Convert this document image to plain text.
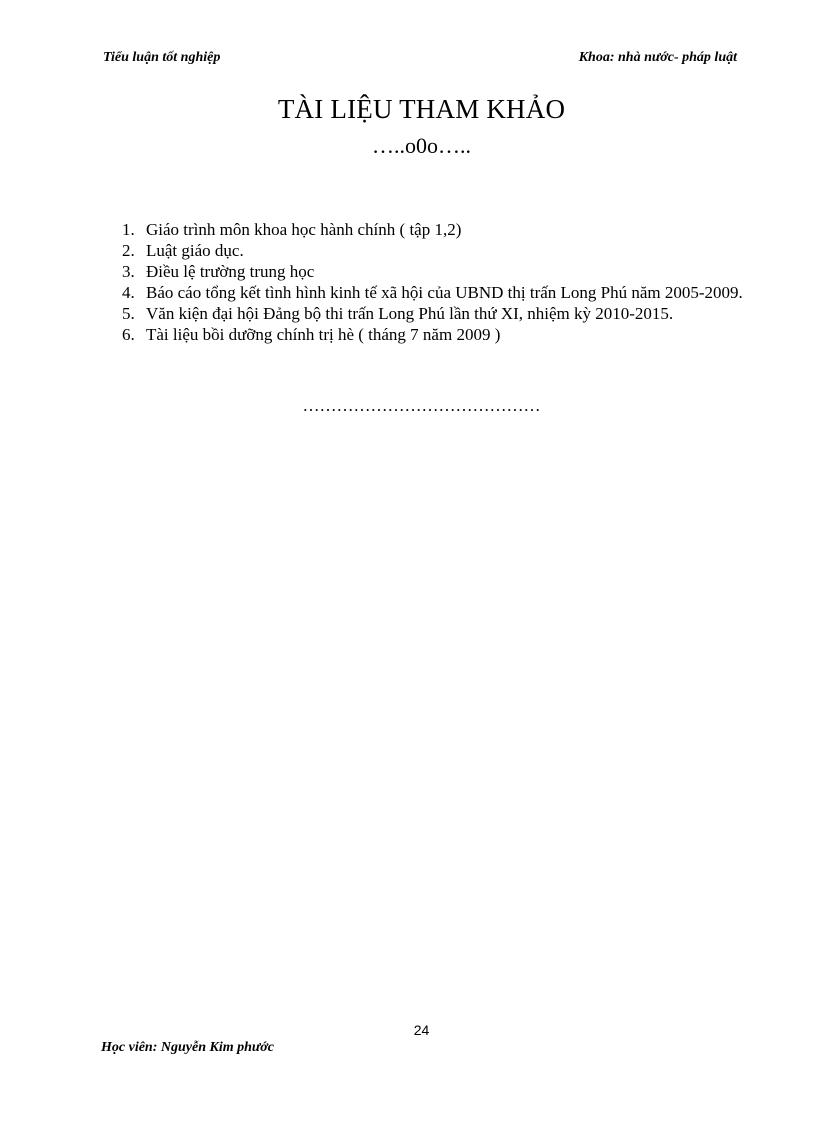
Tiểu luận tốt nghiệp	Khoa: nhà nước- pháp luật
TÀI LIỆU THAM KHẢO
…..o0o…..
1. Giáo trình môn khoa học hành chính ( tập 1,2)
2. Luật giáo dục.
3. Điều lệ trường trung học
4. Báo cáo tổng kết tình hình kinh tế xã hội của UBND thị trấn Long Phú năm 2005-2009.
5. Văn kiện đại hội Đảng bộ thi trấn Long Phú lần thứ XI, nhiệm kỳ 2010-2015.
6. Tài liệu bồi dưỡng chính trị hè ( tháng 7 năm 2009 )
……………………………………
24
Học viên: Nguyễn Kim phước
